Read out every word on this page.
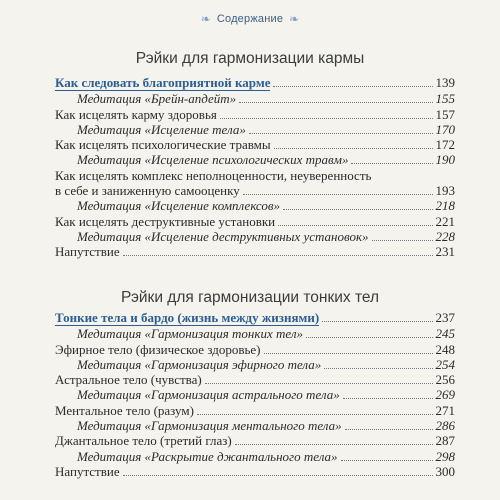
❧ Содержание ❧
Рэйки для гармонизации кармы
Как следовать благоприятной карме	139
Медитация «Брейн-апдейт»	155
Как исцелять карму здоровья	157
Медитация «Исцеление тела»	170
Как исцелять психологические травмы	172
Медитация «Исцеление психологических травм»	190
Как исцелять комплекс неполноценности, неуверенность
в себе и заниженную самооценку	193
Медитация «Исцеление комплексов»	218
Как исцелять деструктивные установки	221
Медитация «Исцеление деструктивных установок»	228
Напутствие	231
Рэйки для гармонизации тонких тел
Тонкие тела и бардо (жизнь между жизнями)	237
Медитация «Гармонизация тонких тел»	245
Эфирное тело (физическое здоровье)	248
Медитация «Гармонизация эфирного тела»	254
Астральное тело (чувства)	256
Медитация «Гармонизация астрального тела»	269
Ментальное тело (разум)	271
Медитация «Гармонизация ментального тела»	286
Джантальное тело (третий глаз)	287
Медитация «Раскрытие джантального тела»	298
Напутствие	300
